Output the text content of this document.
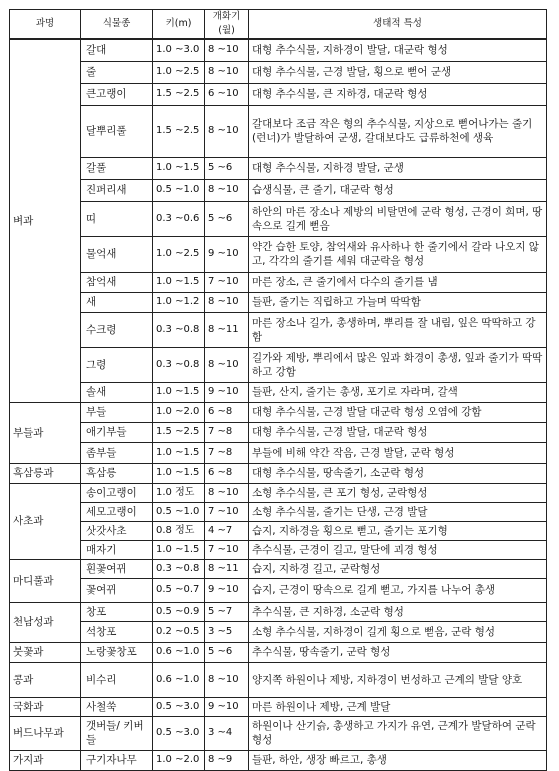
과명	식물종	키(m)	개화기(월)	생태적 특성
벼과	갈대	1.0 ~3.0	8 ~10	대형 추수식물, 지하경이 발달, 대군락 형성
	줄	1.0 ~2.5	8 ~10	대형 추수식물, 근경 발달, 횡으로 뻗어 군생
	큰고랭이	1.5 ~2.5	6 ~10	대형 추수식물, 큰 지하경, 대군락 형성
	달뿌리풀	1.5 ~2.5	8 ~10	갈대보다 조금 작은 형의 추수식물, 지상으로 뻗어나가는 줄기(런너)가 발달하여 군생, 갈대보다도 급류하천에 생육
	갈풀	1.0 ~1.5	5 ~6	대형 추수식물, 지하경 발달, 군생
	진퍼리새	0.5 ~1.0	8 ~10	습생식물, 큰 줄기, 대군락 형성
	띠	0.3 ~0.6	5 ~6	하안의 마른 장소나 제방의 비탈면에 군락 형성, 근경이 희며, 땅속으로 길게 뻗음
	물억새	1.0 ~2.5	9 ~10	약간 습한 토양, 참억새와 유사하나 한 줄기에서 갈라 나오지 않고, 각각의 줄기를 세워 대군락을 형성
	참억새	1.0 ~1.5	7 ~10	마른 장소, 큰 줄기에서 다수의 줄기를 냄
	새	1.0 ~1.2	8 ~10	들판, 줄기는 직립하고 가늘며 딱딱함
	수크령	0.3 ~0.8	8 ~11	마른 장소나 길가, 총생하며, 뿌리를 잘 내림, 잎은 딱딱하고 강함
	그령	0.3 ~0.8	8 ~10	길가와 제방, 뿌리에서 많은 잎과 화경이 총생, 잎과 줄기가 딱딱하고 강함
	솔새	1.0 ~1.5	9 ~10	들판, 산지, 줄기는 총생, 포기로 자라며, 갈색
부들과	부들	1.0 ~2.0	6 ~8	대형 추수식물, 근경 발달 대군락 형성 오염에 강함
	애기부들	1.5 ~2.5	7 ~8	대형 추수식물, 근경 발달, 대군락 형성
	좀부들	1.0 ~1.5	7 ~8	부들에 비해 약간 작음, 근경 발달, 군락 형성
흑삼릉과	흑삼릉	1.0 ~1.5	6 ~8	대형 추수식물, 땅속줄기, 소군락 형성
사초과	송이고랭이	1.0 정도	8 ~10	소형 추수식물, 큰 포기 형성, 군락형성
	세모고랭이	0.5 ~1.0	7 ~10	소형 추수식물, 줄기는 단생, 근경 발달
	삿갓사초	0.8 정도	4 ~7	습지, 지하경을 횡으로 뻗고, 줄기는 포기형
	매자기	1.0 ~1.5	7 ~10	추수식물, 근경이 길고, 말단에 괴경 형성
마디풀과	흰꽃여뀌	0.3 ~0.8	8 ~11	습지, 지하경 길고, 군락형성
	꽃여뀌	0.5 ~0.7	9 ~10	습지, 근경이 땅속으로 길게 뻗고, 가지를 나누어 총생
천남성과	창포	0.5 ~0.9	5 ~7	추수식물, 큰 지하경, 소군락 형성
	석창포	0.2 ~0.5	3 ~5	소형 추수식물, 지하경이 길게 횡으로 뻗음, 군락 형성
붓꽃과	노랑꽃창포	0.6 ~1.0	5 ~6	추수식물, 땅속줄기, 군락 형성
콩과	비수리	0.6 ~1.0	8 ~10	양지쪽 하원이나 제방, 지하경이 번성하고 근계의 발달 양호
국화과	사철쑥	0.5 ~3.0	9 ~10	마른 하원이나 제방, 근계 발달
버드나무과	갯버들/ 키버들	0.5 ~3.0	3 ~4	하원이나 산기슭, 총생하고 가지가 유연, 근계가 발달하여 군락 형성
가지과	구기자나무	1.0 ~2.0	8 ~9	들판, 하안, 생장 빠르고, 총생
